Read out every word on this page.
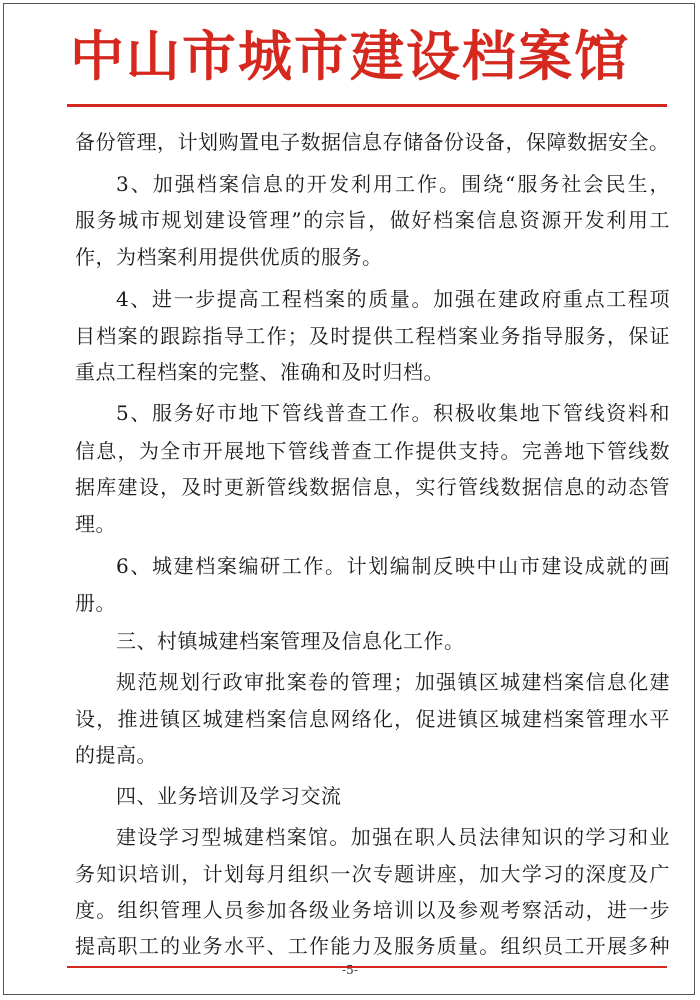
中山市城市建设档案馆
备份管理，计划购置电子数据信息存储备份设备，保障数据安全。
3、加强档案信息的开发利用工作。围绕“服务社会民生，
服务城市规划建设管理”的宗旨，做好档案信息资源开发利用工
作，为档案利用提供优质的服务。
4、进一步提高工程档案的质量。加强在建政府重点工程项
目档案的跟踪指导工作；及时提供工程档案业务指导服务，保证
重点工程档案的完整、准确和及时归档。
5、服务好市地下管线普查工作。积极收集地下管线资料和
信息，为全市开展地下管线普查工作提供支持。完善地下管线数
据库建设，及时更新管线数据信息，实行管线数据信息的动态管
理。
6、城建档案编研工作。计划编制反映中山市建设成就的画
册。
三、村镇城建档案管理及信息化工作。
规范规划行政审批案卷的管理；加强镇区城建档案信息化建
设，推进镇区城建档案信息网络化，促进镇区城建档案管理水平
的提高。
四、业务培训及学习交流
建设学习型城建档案馆。加强在职人员法律知识的学习和业
务知识培训，计划每月组织一次专题讲座，加大学习的深度及广
度。组织管理人员参加各级业务培训以及参观考察活动，进一步
提高职工的业务水平、工作能力及服务质量。组织员工开展多种
-5-
